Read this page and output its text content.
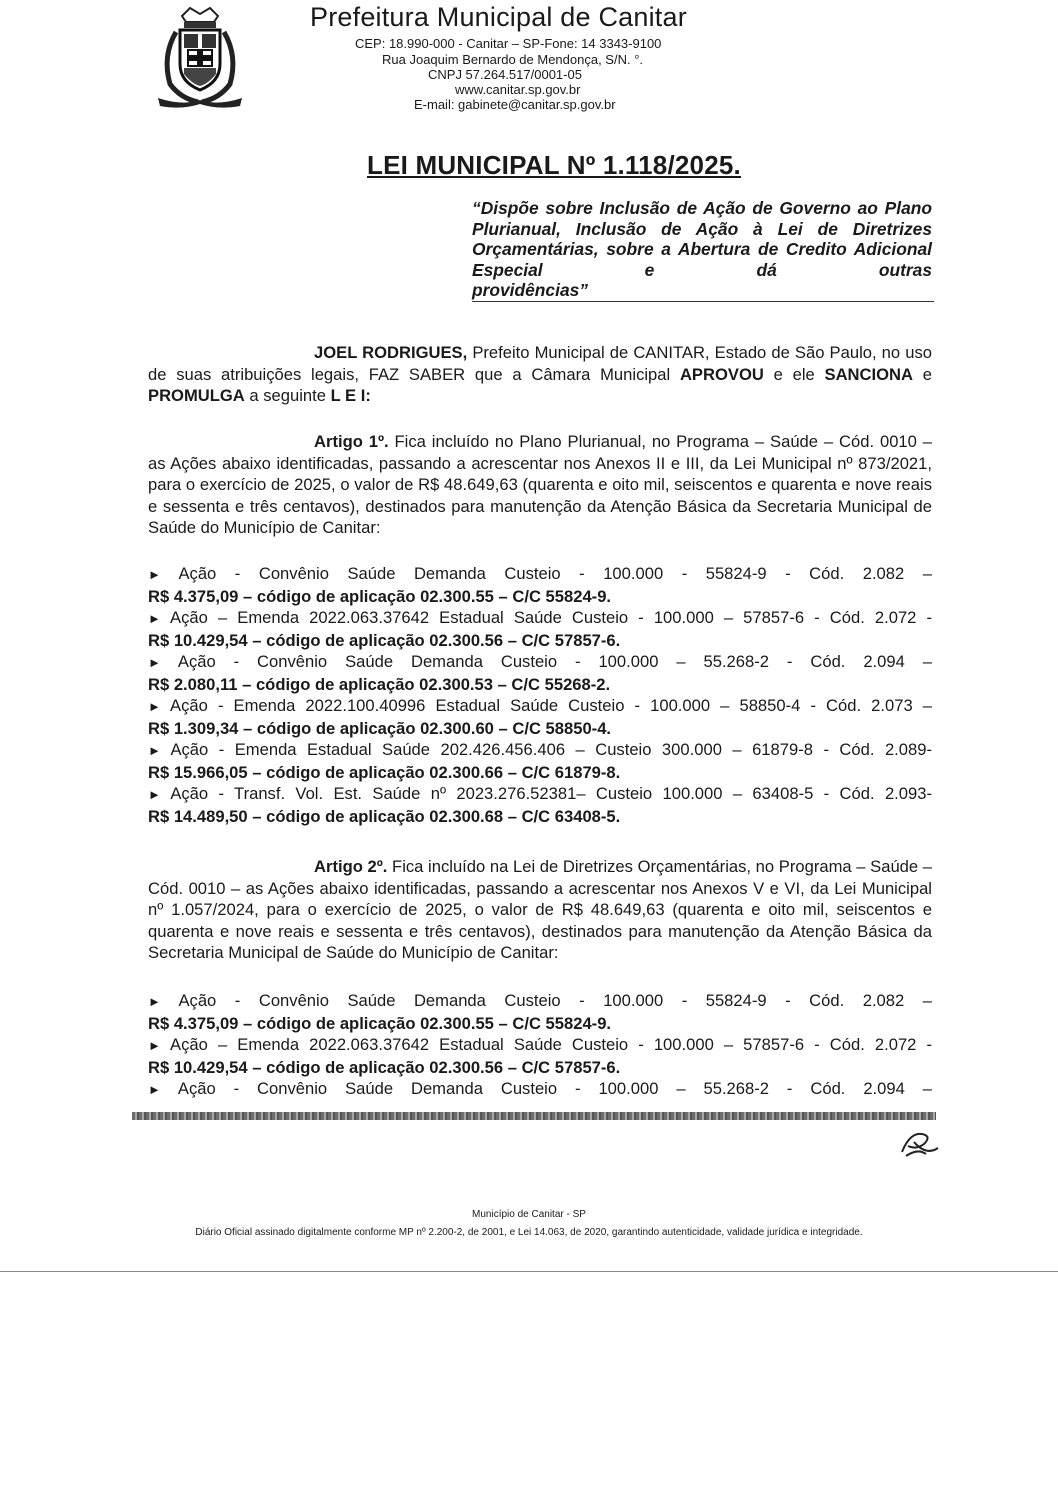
Prefeitura Municipal de Canitar
CEP: 18.990-000 - Canitar – SP-Fone: 14 3343-9100
Rua Joaquim Bernardo de Mendonça, S/N. °.
CNPJ 57.264.517/0001-05
www.canitar.sp.gov.br
E-mail: gabinete@canitar.sp.gov.br
LEI MUNICIPAL Nº 1.118/2025.
“Dispõe sobre Inclusão de Ação de Governo ao Plano Plurianual, Inclusão de Ação à Lei de Diretrizes Orçamentárias, sobre a Abertura de Credito Adicional Especial e dá outras
providências”
JOEL RODRIGUES, Prefeito Municipal de CANITAR, Estado de São Paulo, no uso de suas atribuições legais, FAZ SABER que a Câmara Municipal APROVOU e ele SANCIONA e PROMULGA a seguinte L E I:
Artigo 1º. Fica incluído no Plano Plurianual, no Programa – Saúde – Cód. 0010 – as Ações abaixo identificadas, passando a acrescentar nos Anexos II e III, da Lei Municipal nº 873/2021, para o exercício de 2025, o valor de R$ 48.649,63 (quarenta e oito mil, seiscentos e quarenta e nove reais e sessenta e três centavos), destinados para manutenção da Atenção Básica da Secretaria Municipal de Saúde do Município de Canitar:
► Ação - Convênio Saúde Demanda Custeio - 100.000 - 55824-9 - Cód. 2.082 –
R$ 4.375,09 – código de aplicação 02.300.55 – C/C 55824-9.
► Ação – Emenda 2022.063.37642 Estadual Saúde Custeio - 100.000 – 57857-6 - Cód. 2.072 -
R$ 10.429,54 – código de aplicação 02.300.56 – C/C 57857-6.
► Ação - Convênio Saúde Demanda Custeio - 100.000 – 55.268-2 - Cód. 2.094 –
R$ 2.080,11 – código de aplicação 02.300.53 – C/C 55268-2.
► Ação - Emenda 2022.100.40996 Estadual Saúde Custeio - 100.000 – 58850-4 - Cód. 2.073 –
R$ 1.309,34 – código de aplicação 02.300.60 – C/C 58850-4.
► Ação - Emenda Estadual Saúde 202.426.456.406 – Custeio 300.000 – 61879-8 - Cód. 2.089-
R$ 15.966,05 – código de aplicação 02.300.66 – C/C 61879-8.
► Ação - Transf. Vol. Est. Saúde nº 2023.276.52381– Custeio 100.000 – 63408-5 - Cód. 2.093-
R$ 14.489,50 – código de aplicação 02.300.68 – C/C 63408-5.
Artigo 2º. Fica incluído na Lei de Diretrizes Orçamentárias, no Programa – Saúde – Cód. 0010 – as Ações abaixo identificadas, passando a acrescentar nos Anexos V e VI, da Lei Municipal nº 1.057/2024, para o exercício de 2025, o valor de R$ 48.649,63 (quarenta e oito mil, seiscentos e quarenta e nove reais e sessenta e três centavos), destinados para manutenção da Atenção Básica da Secretaria Municipal de Saúde do Município de Canitar:
► Ação - Convênio Saúde Demanda Custeio - 100.000 - 55824-9 - Cód. 2.082 –
R$ 4.375,09 – código de aplicação 02.300.55 – C/C 55824-9.
► Ação – Emenda 2022.063.37642 Estadual Saúde Custeio - 100.000 – 57857-6 - Cód. 2.072 -
R$ 10.429,54 – código de aplicação 02.300.56 – C/C 57857-6.
► Ação - Convênio Saúde Demanda Custeio - 100.000 – 55.268-2 - Cód. 2.094 –
Município de Canitar - SP
Diário Oficial assinado digitalmente conforme MP nº 2.200-2, de 2001, e Lei 14.063, de 2020, garantindo autenticidade, validade jurídica e integridade.
